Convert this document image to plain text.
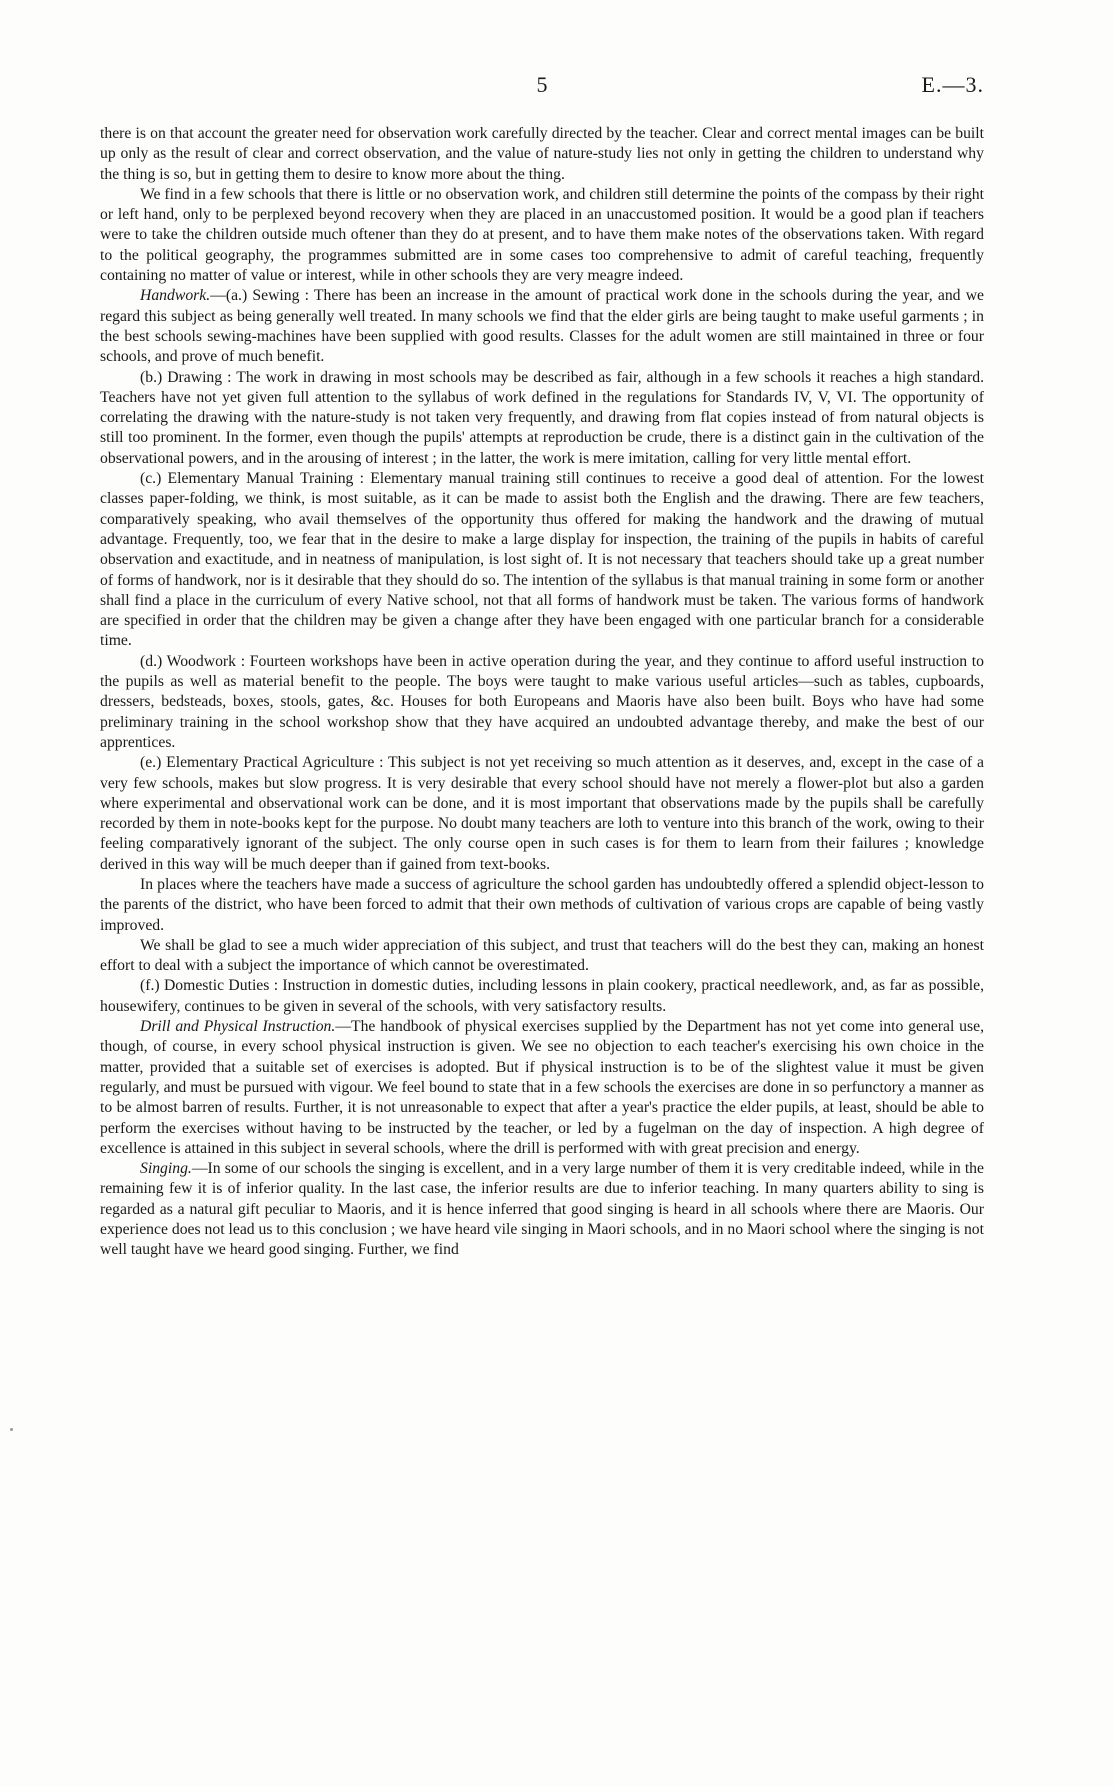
5	E.—3.

there is on that account the greater need for observation work carefully directed by the teacher. Clear and correct mental images can be built up only as the result of clear and correct observation, and the value of nature-study lies not only in getting the children to understand why the thing is so, but in getting them to desire to know more about the thing.

We find in a few schools that there is little or no observation work, and children still determine the points of the compass by their right or left hand, only to be perplexed beyond recovery when they are placed in an unaccustomed position. It would be a good plan if teachers were to take the children outside much oftener than they do at present, and to have them make notes of the observations taken. With regard to the political geography, the programmes submitted are in some cases too comprehensive to admit of careful teaching, frequently containing no matter of value or interest, while in other schools they are very meagre indeed.

Handwork.—(a.) Sewing : There has been an increase in the amount of practical work done in the schools during the year, and we regard this subject as being generally well treated. In many schools we find that the elder girls are being taught to make useful garments ; in the best schools sewing-machines have been supplied with good results. Classes for the adult women are still maintained in three or four schools, and prove of much benefit.

(b.) Drawing : The work in drawing in most schools may be described as fair, although in a few schools it reaches a high standard. Teachers have not yet given full attention to the syllabus of work defined in the regulations for Standards IV, V, VI. The opportunity of correlating the drawing with the nature-study is not taken very frequently, and drawing from flat copies instead of from natural objects is still too prominent. In the former, even though the pupils' attempts at reproduction be crude, there is a distinct gain in the cultivation of the observational powers, and in the arousing of interest ; in the latter, the work is mere imitation, calling for very little mental effort.

(c.) Elementary Manual Training : Elementary manual training still continues to receive a good deal of attention. For the lowest classes paper-folding, we think, is most suitable, as it can be made to assist both the English and the drawing. There are few teachers, comparatively speaking, who avail themselves of the opportunity thus offered for making the handwork and the drawing of mutual advantage. Frequently, too, we fear that in the desire to make a large display for inspection, the training of the pupils in habits of careful observation and exactitude, and in neatness of manipulation, is lost sight of. It is not necessary that teachers should take up a great number of forms of handwork, nor is it desirable that they should do so. The intention of the syllabus is that manual training in some form or another shall find a place in the curriculum of every Native school, not that all forms of handwork must be taken. The various forms of handwork are specified in order that the children may be given a change after they have been engaged with one particular branch for a considerable time.

(d.) Woodwork : Fourteen workshops have been in active operation during the year, and they continue to afford useful instruction to the pupils as well as material benefit to the people. The boys were taught to make various useful articles—such as tables, cupboards, dressers, bedsteads, boxes, stools, gates, &c. Houses for both Europeans and Maoris have also been built. Boys who have had some preliminary training in the school workshop show that they have acquired an undoubted advantage thereby, and make the best of our apprentices.

(e.) Elementary Practical Agriculture : This subject is not yet receiving so much attention as it deserves, and, except in the case of a very few schools, makes but slow progress. It is very desirable that every school should have not merely a flower-plot but also a garden where experimental and observational work can be done, and it is most important that observations made by the pupils shall be carefully recorded by them in note-books kept for the purpose. No doubt many teachers are loth to venture into this branch of the work, owing to their feeling comparatively ignorant of the subject. The only course open in such cases is for them to learn from their failures ; knowledge derived in this way will be much deeper than if gained from text-books.

In places where the teachers have made a success of agriculture the school garden has undoubtedly offered a splendid object-lesson to the parents of the district, who have been forced to admit that their own methods of cultivation of various crops are capable of being vastly improved.

We shall be glad to see a much wider appreciation of this subject, and trust that teachers will do the best they can, making an honest effort to deal with a subject the importance of which cannot be overestimated.

(f.) Domestic Duties : Instruction in domestic duties, including lessons in plain cookery, practical needlework, and, as far as possible, housewifery, continues to be given in several of the schools, with very satisfactory results.

Drill and Physical Instruction.—The handbook of physical exercises supplied by the Department has not yet come into general use, though, of course, in every school physical instruction is given. We see no objection to each teacher's exercising his own choice in the matter, provided that a suitable set of exercises is adopted. But if physical instruction is to be of the slightest value it must be given regularly, and must be pursued with vigour. We feel bound to state that in a few schools the exercises are done in so perfunctory a manner as to be almost barren of results. Further, it is not unreasonable to expect that after a year's practice the elder pupils, at least, should be able to perform the exercises without having to be instructed by the teacher, or led by a fugelman on the day of inspection. A high degree of excellence is attained in this subject in several schools, where the drill is performed with with great precision and energy.

Singing.—In some of our schools the singing is excellent, and in a very large number of them it is very creditable indeed, while in the remaining few it is of inferior quality. In the last case, the inferior results are due to inferior teaching. In many quarters ability to sing is regarded as a natural gift peculiar to Maoris, and it is hence inferred that good singing is heard in all schools where there are Maoris. Our experience does not lead us to this conclusion ; we have heard vile singing in Maori schools, and in no Maori school where the singing is not well taught have we heard good singing. Further, we find
